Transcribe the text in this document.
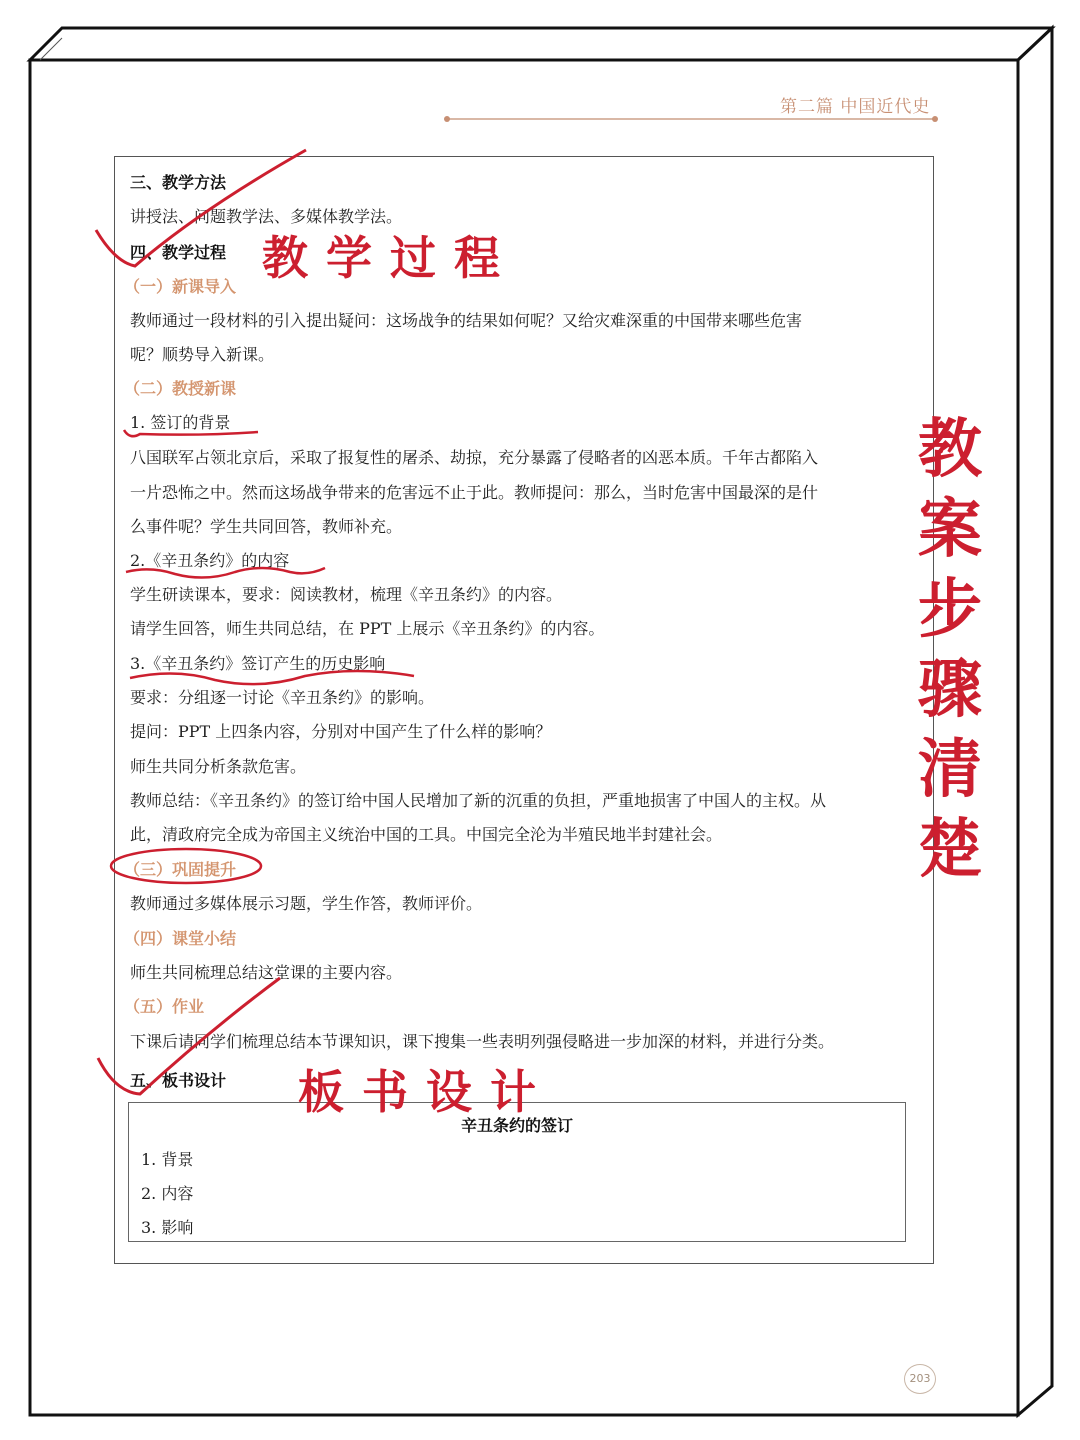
第二篇 中国近代史
三、教学方法
讲授法、问题教学法、多媒体教学法。
四、教学过程
（一）新课导入
教师通过一段材料的引入提出疑问：这场战争的结果如何呢？又给灾难深重的中国带来哪些危害
呢？顺势导入新课。
（二）教授新课
1. 签订的背景
八国联军占领北京后，采取了报复性的屠杀、劫掠，充分暴露了侵略者的凶恶本质。千年古都陷入
一片恐怖之中。然而这场战争带来的危害远不止于此。教师提问：那么，当时危害中国最深的是什
么事件呢？学生共同回答，教师补充。
2.《辛丑条约》的内容
学生研读课本，要求：阅读教材，梳理《辛丑条约》的内容。
请学生回答，师生共同总结，在 PPT 上展示《辛丑条约》的内容。
3.《辛丑条约》签订产生的历史影响
要求：分组逐一讨论《辛丑条约》的影响。
提问：PPT 上四条内容，分别对中国产生了什么样的影响？
师生共同分析条款危害。
教师总结：《辛丑条约》的签订给中国人民增加了新的沉重的负担，严重地损害了中国人的主权。从
此，清政府完全成为帝国主义统治中国的工具。中国完全沦为半殖民地半封建社会。
（三）巩固提升
教师通过多媒体展示习题，学生作答，教师评价。
（四）课堂小结
师生共同梳理总结这堂课的主要内容。
（五）作业
下课后请同学们梳理总结本节课知识，课下搜集一些表明列强侵略进一步加深的材料，并进行分类。
五、板书设计
辛丑条约的签订
1. 背景
2. 内容
3. 影响
203
教学过程
教案步骤清楚
板书设计
